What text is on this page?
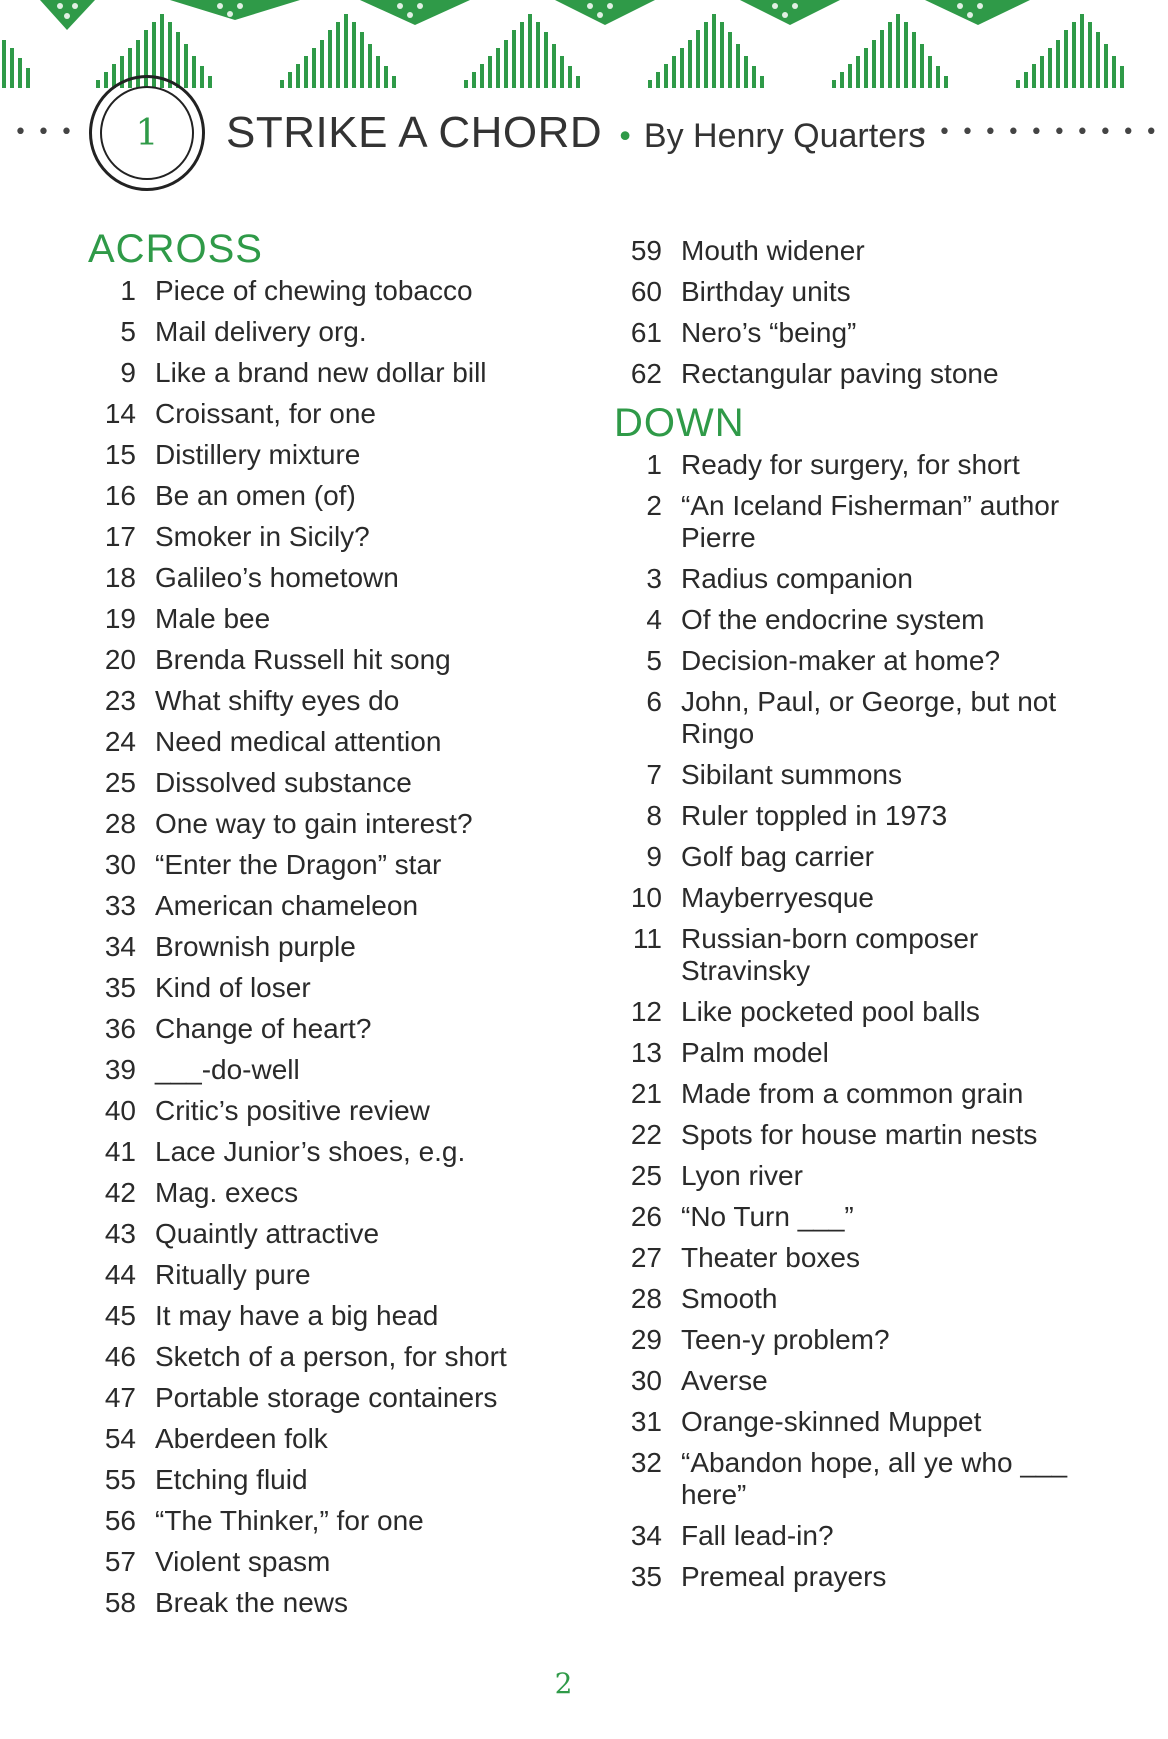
•••	1	STRIKE A CHORD • By Henry Quarters
•••••••••••
ACROSS
1 Piece of chewing tobacco
5 Mail delivery org.
9 Like a brand new dollar bill
14 Croissant, for one
15 Distillery mixture
16 Be an omen (of)
17 Smoker in Sicily?
18 Galileo’s hometown
19 Male bee
20 Brenda Russell hit song
23 What shifty eyes do
24 Need medical attention
25 Dissolved substance
28 One way to gain interest?
30 “Enter the Dragon” star
33 American chameleon
34 Brownish purple
35 Kind of loser
36 Change of heart?
39 ___-do-well
40 Critic’s positive review
41 Lace Junior’s shoes, e.g.
42 Mag. execs
43 Quaintly attractive
44 Ritually pure
45 It may have a big head
46 Sketch of a person, for short
47 Portable storage containers
54 Aberdeen folk
55 Etching fluid
56 “The Thinker,” for one
57 Violent spasm
58 Break the news
59 Mouth widener
60 Birthday units
61 Nero’s “being”
62 Rectangular paving stone
DOWN
1 Ready for surgery, for short
2 “An Iceland Fisherman” author Pierre
3 Radius companion
4 Of the endocrine system
5 Decision-maker at home?
6 John, Paul, or George, but not Ringo
7 Sibilant summons
8 Ruler toppled in 1973
9 Golf bag carrier
10 Mayberryesque
11 Russian-born composer Stravinsky
12 Like pocketed pool balls
13 Palm model
21 Made from a common grain
22 Spots for house martin nests
25 Lyon river
26 “No Turn ___”
27 Theater boxes
28 Smooth
29 Teen-y problem?
30 Averse
31 Orange-skinned Muppet
32 “Abandon hope, all ye who ___ here”
34 Fall lead-in?
35 Premeal prayers
2
